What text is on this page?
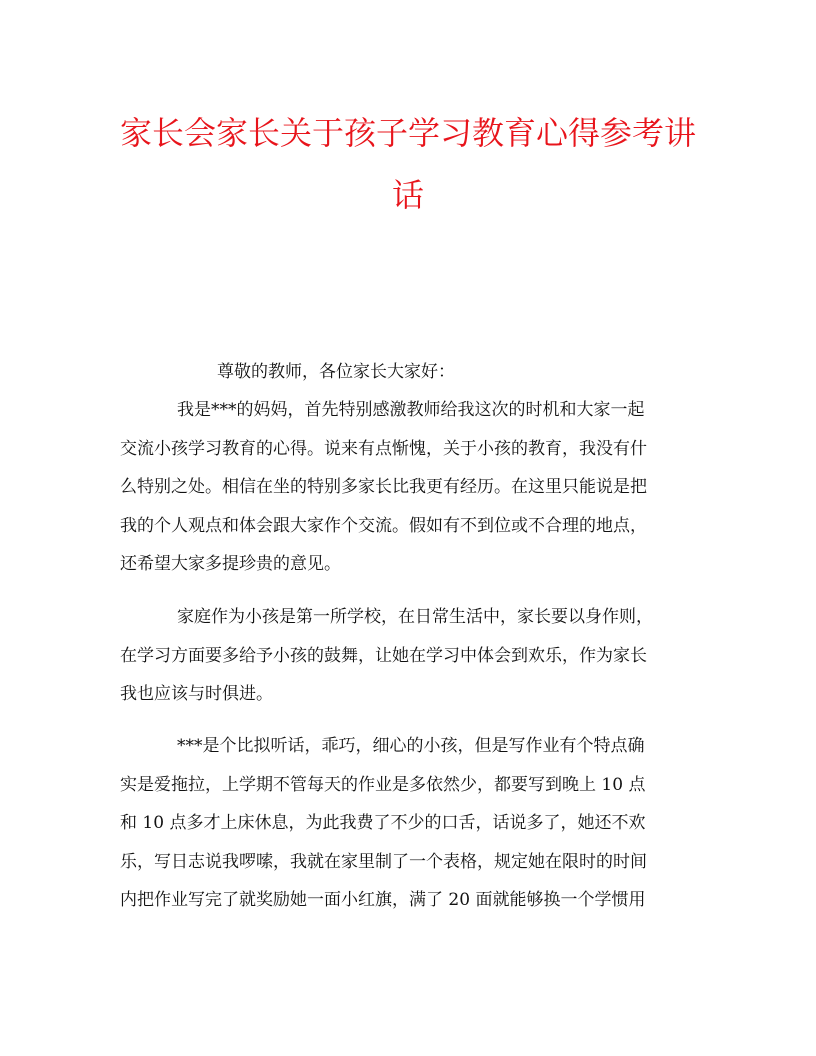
家长会家长关于孩子学习教育心得参考讲
话

尊敬的教师，各位家长大家好：

我是***的妈妈，首先特别感激教师给我这次的时机和大家一起
交流小孩学习教育的心得。说来有点惭愧，关于小孩的教育，我没有什
么特别之处。相信在坐的特别多家长比我更有经历。在这里只能说是把
我的个人观点和体会跟大家作个交流。假如有不到位或不合理的地点，
还希望大家多提珍贵的意见。
家庭作为小孩是第一所学校，在日常生活中，家长要以身作则，
在学习方面要多给予小孩的鼓舞，让她在学习中体会到欢乐，作为家长
我也应该与时俱进。
***是个比拟听话，乖巧，细心的小孩，但是写作业有个特点确
实是爱拖拉，上学期不管每天的作业是多依然少，都要写到晚上 10 点
和 10 点多才上床休息，为此我费了不少的口舌，话说多了，她还不欢
乐，写日志说我啰嗦，我就在家里制了一个表格，规定她在限时的时间
内把作业写完了就奖励她一面小红旗，满了 20 面就能够换一个学惯用
